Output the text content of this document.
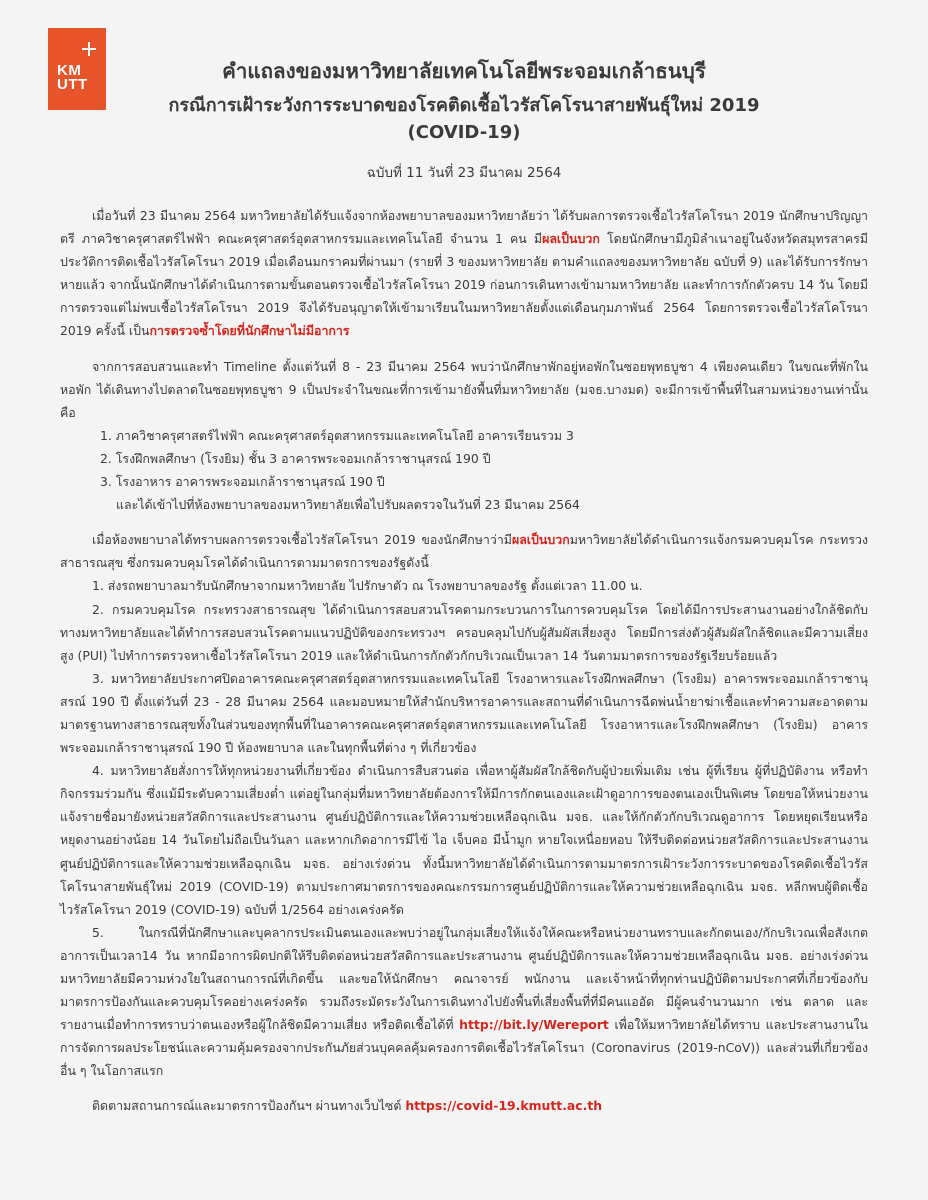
KM
UTT
คำแถลงของมหาวิทยาลัยเทคโนโลยีพระจอมเกล้าธนบุรี
กรณีการเฝ้าระวังการระบาดของโรคติดเชื้อไวรัสโคโรนาสายพันธุ์ใหม่ 2019
(COVID-19)
ฉบับที่ 11 วันที่ 23 มีนาคม 2564

เมื่อวันที่ 23 มีนาคม 2564 มหาวิทยาลัยได้รับแจ้งจากห้องพยาบาลของมหาวิทยาลัยว่า ได้รับผลการตรวจเชื้อไวรัสโคโรนา 2019 นักศึกษาปริญญาตรี ภาควิชาครุศาสตร์ไฟฟ้า คณะครุศาสตร์อุตสาหกรรมและเทคโนโลยี จำนวน 1 คน มีผลเป็นบวก โดยนักศึกษามีภูมิลำเนาอยู่ในจังหวัดสมุทรสาครมีประวัติการติดเชื้อไวรัสโคโรนา 2019 เมื่อเดือนมกราคมที่ผ่านมา (รายที่ 3 ของมหาวิทยาลัย ตามคำแถลงของมหาวิทยาลัย ฉบับที่ 9) และได้รับการรักษาหายแล้ว จากนั้นนักศึกษาได้ดำเนินการตามขั้นตอนตรวจเชื้อไวรัสโคโรนา 2019 ก่อนการเดินทางเข้ามามหาวิทยาลัย และทำการกักตัวครบ 14 วัน โดยมีการตรวจแต่ไม่พบเชื้อไวรัสโคโรนา 2019 จึงได้รับอนุญาตให้เข้ามาเรียนในมหาวิทยาลัยตั้งแต่เดือนกุมภาพันธ์ 2564 โดยการตรวจเชื้อไวรัสโคโรนา 2019 ครั้งนี้ เป็นการตรวจซ้ำโดยที่นักศึกษาไม่มีอาการ

จากการสอบสวนและทำ Timeline ตั้งแต่วันที่ 8 - 23 มีนาคม 2564 พบว่านักศึกษาพักอยู่หอพักในซอยพุทธบูชา 4 เพียงคนเดียว ในขณะที่พักในหอพัก ได้เดินทางไปตลาดในซอยพุทธบูชา 9 เป็นประจำในขณะที่การเข้ามายังพื้นที่มหาวิทยาลัย (มจธ.บางมด) จะมีการเข้าพื้นที่ในสามหน่วยงานเท่านั้น คือ

1. ภาควิชาครุศาสตร์ไฟฟ้า คณะครุศาสตร์อุตสาหกรรมและเทคโนโลยี อาคารเรียนรวม 3

2. โรงฝึกพลศึกษา (โรงยิม) ชั้น 3 อาคารพระจอมเกล้าราชานุสรณ์ 190 ปี

3. โรงอาหาร อาคารพระจอมเกล้าราชานุสรณ์ 190 ปี

และได้เข้าไปที่ห้องพยาบาลของมหาวิทยาลัยเพื่อไปรับผลตรวจในวันที่ 23 มีนาคม 2564

เมื่อห้องพยาบาลได้ทราบผลการตรวจเชื้อไวรัสโคโรนา 2019 ของนักศึกษาว่ามีผลเป็นบวกมหาวิทยาลัยได้ดำเนินการแจ้งกรมควบคุมโรค กระทรวงสาธารณสุข ซึ่งกรมควบคุมโรคได้ดำเนินการตามมาตรการของรัฐดังนี้

1. ส่งรถพยาบาลมารับนักศึกษาจากมหาวิทยาลัย ไปรักษาตัว ณ โรงพยาบาลของรัฐ ตั้งแต่เวลา 11.00 น.

2. กรมควบคุมโรค กระทรวงสาธารณสุข ได้ดำเนินการสอบสวนโรคตามกระบวนการในการควบคุมโรค โดยได้มีการประสานงานอย่างใกล้ชิดกับทางมหาวิทยาลัยและได้ทำการสอบสวนโรคตามแนวปฏิบัติของกระทรวงฯ ครอบคลุมไปกับผู้สัมผัสเสี่ยงสูง โดยมีการส่งตัวผู้สัมผัสใกล้ชิดและมีความเสี่ยงสูง (PUI) ไปทำการตรวจหาเชื้อไวรัสโคโรนา 2019 และให้ดำเนินการกักตัวกักบริเวณเป็นเวลา 14 วันตามมาตรการของรัฐเรียบร้อยแล้ว

3. มหาวิทยาลัยประกาศปิดอาคารคณะครุศาสตร์อุตสาหกรรมและเทคโนโลยี โรงอาหารและโรงฝึกพลศึกษา (โรงยิม) อาคารพระจอมเกล้าราชานุสรณ์ 190 ปี ตั้งแต่วันที่ 23 - 28 มีนาคม 2564 และมอบหมายให้สำนักบริหารอาคารและสถานที่ดำเนินการฉีดพ่นน้ำยาฆ่าเชื้อและทำความสะอาดตามมาตรฐานทางสาธารณสุขทั้งในส่วนของทุกพื้นที่ในอาคารคณะครุศาสตร์อุตสาหกรรมและเทคโนโลยี โรงอาหารและโรงฝึกพลศึกษา (โรงยิม) อาคารพระจอมเกล้าราชานุสรณ์ 190 ปี ห้องพยาบาล และในทุกพื้นที่ต่าง ๆ ที่เกี่ยวข้อง

4. มหาวิทยาลัยสั่งการให้ทุกหน่วยงานที่เกี่ยวข้อง ดำเนินการสืบสวนต่อ เพื่อหาผู้สัมผัสใกล้ชิดกับผู้ป่วยเพิ่มเติม เช่น ผู้ที่เรียน ผู้ที่ปฏิบัติงาน หรือทำกิจกรรมร่วมกัน ซึ่งแม้มีระดับความเสี่ยงต่ำ แต่อยู่ในกลุ่มที่มหาวิทยาลัยต้องการให้มีการกักตนเองและเฝ้าดูอาการของตนเองเป็นพิเศษ โดยขอให้หน่วยงานแจ้งรายชื่อมายังหน่วยสวัสดิการและประสานงาน ศูนย์ปฏิบัติการและให้ความช่วยเหลือฉุกเฉิน มจธ. และให้กักตัวกักบริเวณดูอาการ โดยหยุดเรียนหรือหยุดงานอย่างน้อย 14 วันโดยไม่ถือเป็นวันลา และหากเกิดอาการมีไข้ ไอ เจ็บคอ มีน้ำมูก หายใจเหนื่อยหอบ ให้รีบติดต่อหน่วยสวัสดิการและประสานงาน ศูนย์ปฏิบัติการและให้ความช่วยเหลือฉุกเฉิน มจธ. อย่างเร่งด่วน ทั้งนี้มหาวิทยาลัยได้ดำเนินการตามมาตรการเฝ้าระวังการระบาดของโรคติดเชื้อไวรัสโคโรนาสายพันธุ์ใหม่ 2019 (COVID-19) ตามประกาศมาตรการของคณะกรรมการศูนย์ปฏิบัติการและให้ความช่วยเหลือฉุกเฉิน มจธ. หลีกพบผู้ติดเชื้อไวรัสโคโรนา 2019 (COVID-19) ฉบับที่ 1/2564 อย่างเคร่งครัด

5. ในกรณีที่นักศึกษาและบุคลากรประเมินตนเองและพบว่าอยู่ในกลุ่มเสี่ยงให้แจ้งให้คณะหรือหน่วยงานทราบและกักตนเอง/กักบริเวณเพื่อสังเกตอาการเป็นเวลา14 วัน หากมีอาการผิดปกติให้รีบติดต่อหน่วยสวัสดิการและประสานงาน ศูนย์ปฏิบัติการและให้ความช่วยเหลือฉุกเฉิน มจธ. อย่างเร่งด่วน มหาวิทยาลัยมีความห่วงใยในสถานการณ์ที่เกิดขึ้น และขอให้นักศึกษา คณาจารย์ พนักงาน และเจ้าหน้าที่ทุกท่านปฏิบัติตามประกาศที่เกี่ยวข้องกับมาตรการป้องกันและควบคุมโรคอย่างเคร่งครัด รวมถึงระมัดระวังในการเดินทางไปยังพื้นที่เสี่ยงพื้นที่ที่มีคนแออัด มีผู้คนจำนวนมาก เช่น ตลาด และรายงานเมื่อทำการทราบว่าตนเองหรือผู้ใกล้ชิดมีความเสี่ยง หรือติดเชื้อได้ที่ http://bit.ly/Wereport เพื่อให้มหาวิทยาลัยได้ทราบ และประสานงานในการจัดการผลประโยชน์และความคุ้มครองจากประกันภัยส่วนบุคคลคุ้มครองการติดเชื้อไวรัสโคโรนา (Coronavirus (2019-nCoV)) และส่วนที่เกี่ยวข้องอื่น ๆ ในโอกาสแรก

ติดตามสถานการณ์และมาตรการป้องกันฯ ผ่านทางเว็บไซต์ https://covid-19.kmutt.ac.th
